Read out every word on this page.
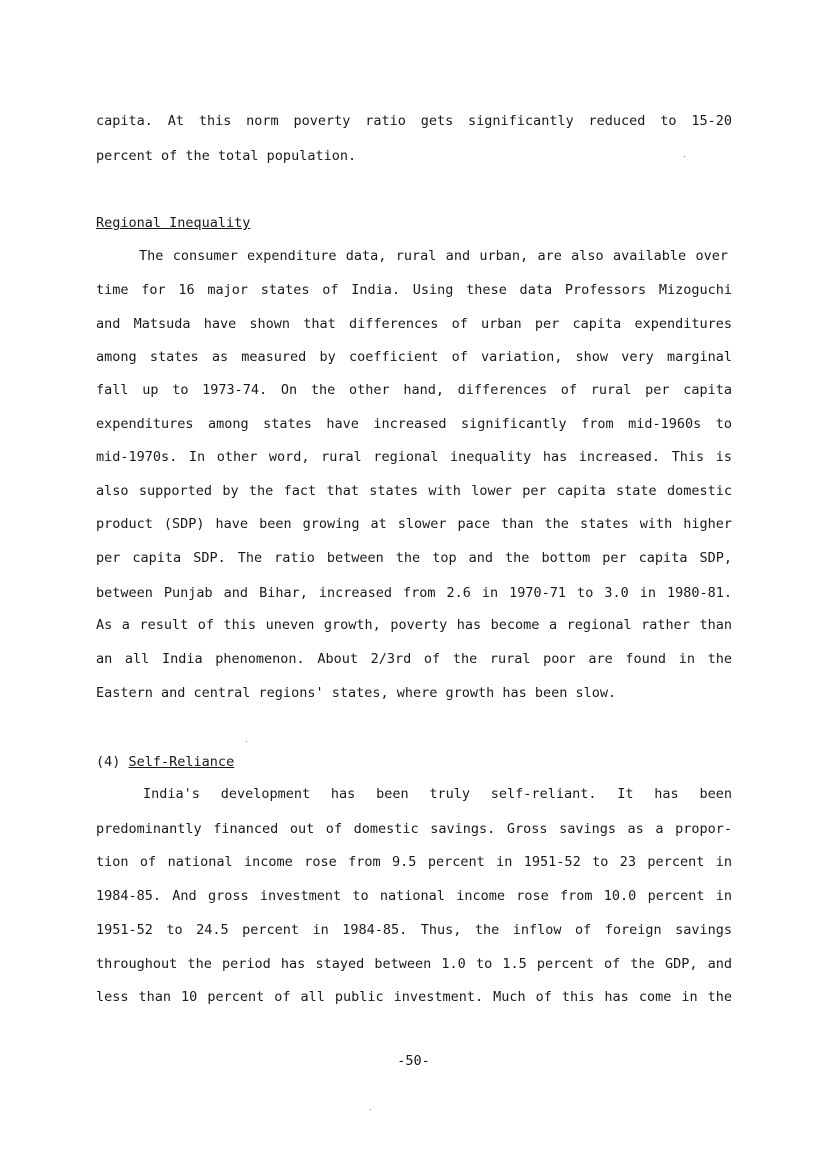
capita. At this norm poverty ratio gets significantly reduced to 15-20
percent of the total population.
Regional Inequality
The consumer expenditure data, rural and urban, are also available over
time for 16 major states of India. Using these data Professors Mizoguchi
and Matsuda have shown that differences of urban per capita expenditures
among states as measured by coefficient of variation, show very marginal
fall up to 1973-74. On the other hand, differences of rural per capita
expenditures among states have increased significantly from mid-1960s to
mid-1970s. In other word, rural regional inequality has increased. This is
also supported by the fact that states with lower per capita state domestic
product (SDP) have been growing at slower pace than the states with higher
per capita SDP. The ratio between the top and the bottom per capita SDP,
between Punjab and Bihar, increased from 2.6 in 1970-71 to 3.0 in 1980-81.
As a result of this uneven growth, poverty has become a regional rather than
an all India phenomenon. About 2/3rd of the rural poor are found in the
Eastern and central regions' states, where growth has been slow.
(4) Self-Reliance
India's development has been truly self-reliant. It has been
predominantly financed out of domestic savings. Gross savings as a propor-
tion of national income rose from 9.5 percent in 1951-52 to 23 percent in
1984-85. And gross investment to national income rose from 10.0 percent in
1951-52 to 24.5 percent in 1984-85. Thus, the inflow of foreign savings
throughout the period has stayed between 1.0 to 1.5 percent of the GDP, and
less than 10 percent of all public investment. Much of this has come in the
-50-
